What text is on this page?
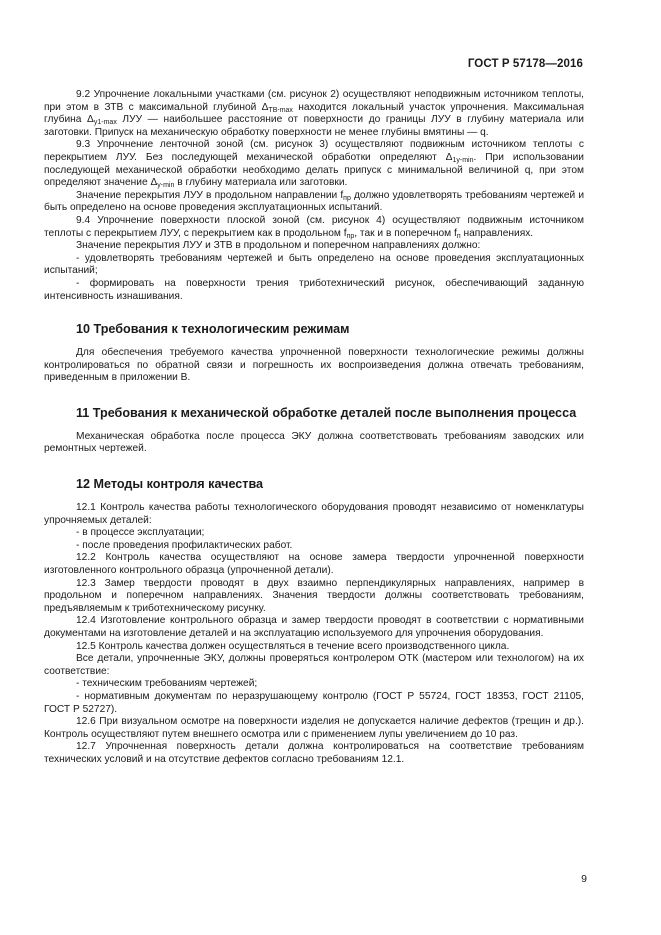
ГОСТ Р 57178—2016

9.2 Упрочнение локальными участками (см. рисунок 2) осуществляют неподвижным источником теплоты, при этом в ЗТВ с максимальной глубиной $\Delta_{ТВ-max}$ находится локальный участок упрочнения. Максимальная глубина $\Delta_{у1-max}$ ЛУУ — наибольшее расстояние от поверхности до границы ЛУУ в глубину материала или заготовки. Припуск на механическую обработку поверхности не менее глубины вмятины — q.

9.3 Упрочнение ленточной зоной (см. рисунок 3) осуществляют подвижным источником теплоты с перекрытием ЛУУ. Без последующей механической обработки определяют $\Delta_{1у-min}$. При использовании последующей механической обработки необходимо делать припуск с минимальной величиной q, при этом определяют значение $\Delta_{у-min}$ в глубину материала или заготовки.

Значение перекрытия ЛУУ в продольном направлении $f_{пр}$ должно удовлетворять требованиям чертежей и быть определено на основе проведения эксплуатационных испытаний.

9.4 Упрочнение поверхности плоской зоной (см. рисунок 4) осуществляют подвижным источником теплоты с перекрытием ЛУУ, с перекрытием как в продольном $f_{пр}$, так и в поперечном $f_п$ направлениях.

Значение перекрытия ЛУУ и ЗТВ в продольном и поперечном направлениях должно:

- удовлетворять требованиям чертежей и быть определено на основе проведения эксплуатационных испытаний;

- формировать на поверхности трения триботехнический рисунок, обеспечивающий заданную интенсивность изнашивания.

10 Требования к технологическим режимам

Для обеспечения требуемого качества упрочненной поверхности технологические режимы должны контролироваться по обратной связи и погрешность их воспроизведения должна отвечать требованиям, приведенным в приложении В.

11 Требования к механической обработке деталей после выполнения процесса

Механическая обработка после процесса ЭКУ должна соответствовать требованиям заводских или ремонтных чертежей.

12 Методы контроля качества

12.1 Контроль качества работы технологического оборудования проводят независимо от номенклатуры упрочняемых деталей:

- в процессе эксплуатации;

- после проведения профилактических работ.

12.2 Контроль качества осуществляют на основе замера твердости упрочненной поверхности изготовленного контрольного образца (упрочненной детали).

12.3 Замер твердости проводят в двух взаимно перпендикулярных направлениях, например в продольном и поперечном направлениях. Значения твердости должны соответствовать требованиям, предъявляемым к триботехническому рисунку.

12.4 Изготовление контрольного образца и замер твердости проводят в соответствии с нормативными документами на изготовление деталей и на эксплуатацию используемого для упрочнения оборудования.

12.5 Контроль качества должен осуществляться в течение всего производственного цикла.

Все детали, упрочненные ЭКУ, должны проверяться контролером ОТК (мастером или технологом) на их соответствие:

- техническим требованиям чертежей;

- нормативным документам по неразрушающему контролю (ГОСТ Р 55724, ГОСТ 18353, ГОСТ 21105, ГОСТ Р 52727).

12.6 При визуальном осмотре на поверхности изделия не допускается наличие дефектов (трещин и др.). Контроль осуществляют путем внешнего осмотра или с применением лупы увеличением до 10 раз.

12.7 Упрочненная поверхность детали должна контролироваться на соответствие требованиям технических условий и на отсутствие дефектов согласно требованиям 12.1.

9
